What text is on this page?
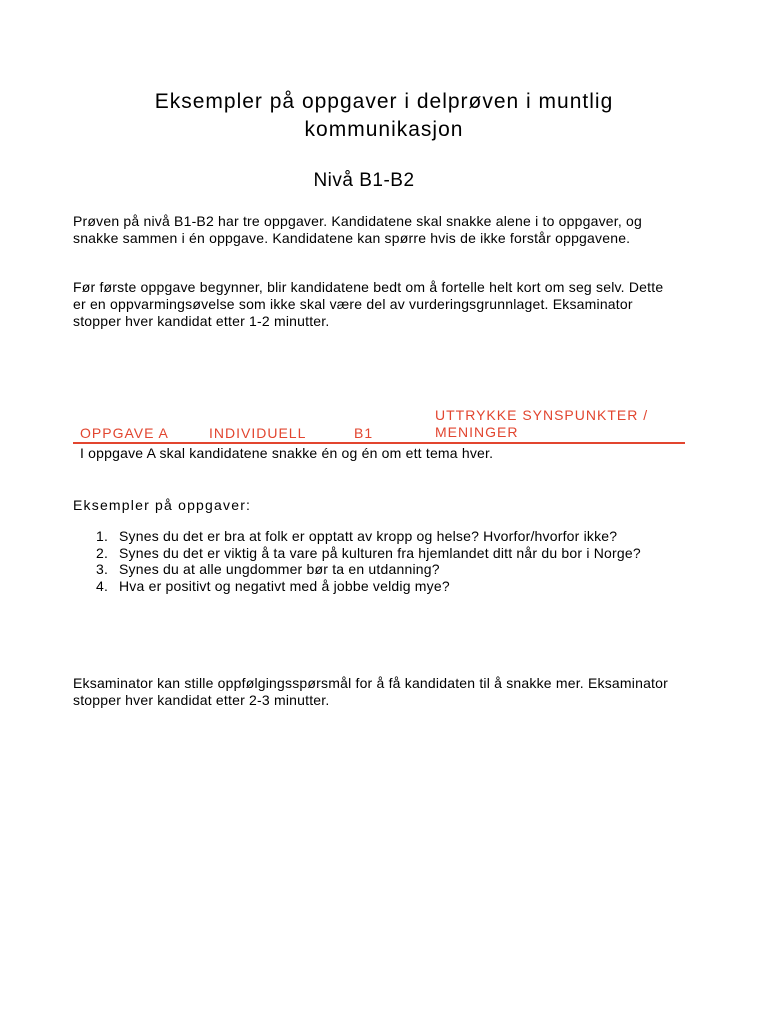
Eksempler på oppgaver i delprøven i muntlig
kommunikasjon
Nivå B1-B2
Prøven på nivå B1-B2 har tre oppgaver. Kandidatene skal snakke alene i to oppgaver, og snakke sammen i én oppgave. Kandidatene kan spørre hvis de ikke forstår oppgavene.
Før første oppgave begynner, blir kandidatene bedt om å fortelle helt kort om seg selv. Dette er en oppvarmingsøvelse som ikke skal være del av vurderingsgrunnlaget. Eksaminator stopper hver kandidat etter 1-2 minutter.
OPPGAVE A	INDIVIDUELL	B1
UTTRYKKE SYNSPUNKTER / MENINGER
I oppgave A skal kandidatene snakke én og én om ett tema hver.
Eksempler på oppgaver:
1. Synes du det er bra at folk er opptatt av kropp og helse? Hvorfor/hvorfor ikke?
2. Synes du det er viktig å ta vare på kulturen fra hjemlandet ditt når du bor i Norge?
3. Synes du at alle ungdommer bør ta en utdanning?
4. Hva er positivt og negativt med å jobbe veldig mye?
Eksaminator kan stille oppfølgingsspørsmål for å få kandidaten til å snakke mer. Eksaminator stopper hver kandidat etter 2-3 minutter.
